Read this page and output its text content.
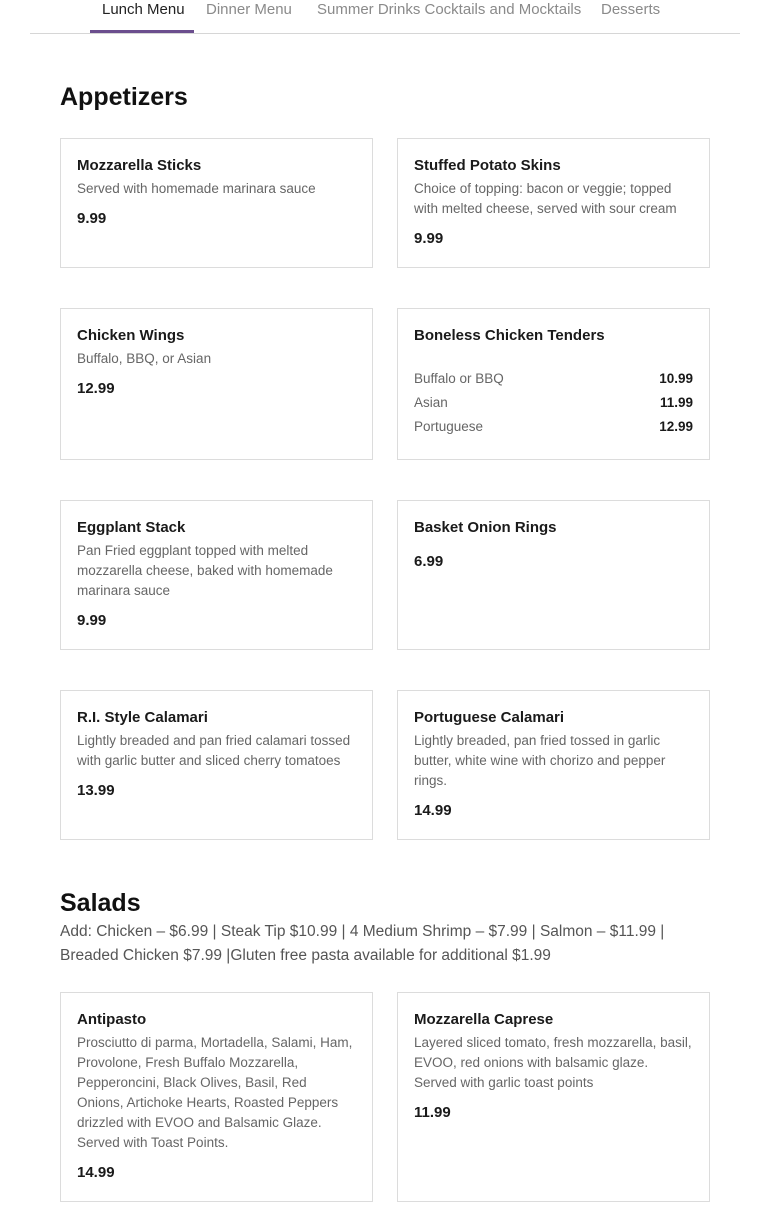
Lunch Menu Dinner Menu Summer Drinks Cocktails and Mocktails Desserts
Appetizers
Mozzarella Sticks
Served with homemade marinara sauce
9.99
Stuffed Potato Skins
Choice of topping: bacon or veggie; topped with melted cheese, served with sour cream
9.99
Chicken Wings
Buffalo, BBQ, or Asian
12.99
Boneless Chicken Tenders
Buffalo or BBQ	10.99
Asian	11.99
Portuguese	12.99
Eggplant Stack
Pan Fried eggplant topped with melted mozzarella cheese, baked with homemade marinara sauce
9.99
Basket Onion Rings
6.99
R.I. Style Calamari
Lightly breaded and pan fried calamari tossed with garlic butter and sliced cherry tomatoes
13.99
Portuguese Calamari
Lightly breaded, pan fried tossed in garlic butter, white wine with chorizo and pepper rings.
14.99
Salads
Add: Chicken – $6.99 | Steak Tip $10.99 | 4 Medium Shrimp – $7.99 | Salmon – $11.99 | Breaded Chicken $7.99 |Gluten free pasta available for additional $1.99
Antipasto
Prosciutto di parma, Mortadella, Salami, Ham, Provolone, Fresh Buffalo Mozzarella, Pepperoncini, Black Olives, Basil, Red Onions, Artichoke Hearts, Roasted Peppers drizzled with EVOO and Balsamic Glaze. Served with Toast Points.
14.99
Mozzarella Caprese
Layered sliced tomato, fresh mozzarella, basil, EVOO, red onions with balsamic glaze. Served with garlic toast points
11.99
